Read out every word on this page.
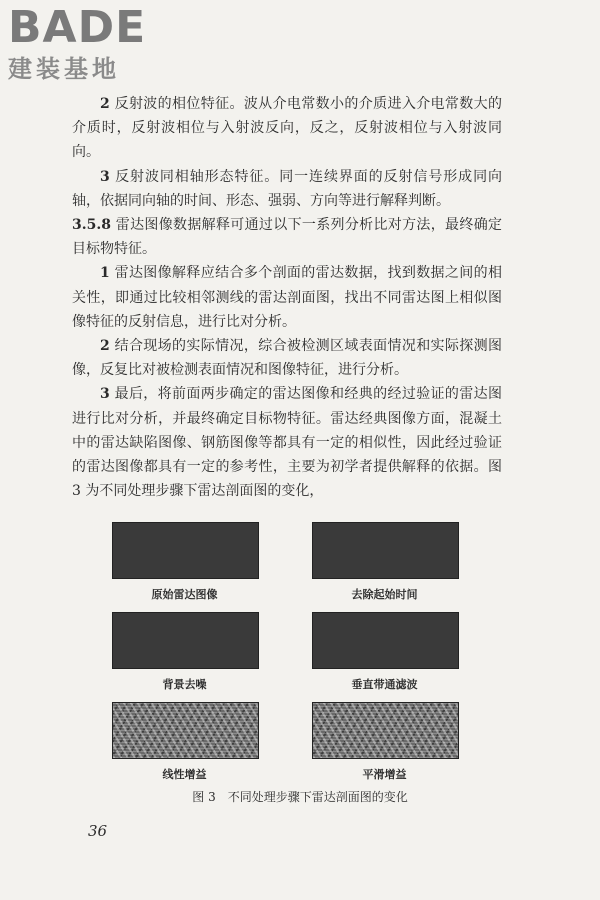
BADE
建装基地

2 反射波的相位特征。波从介电常数小的介质进入介电常数大的介质时，反射波相位与入射波反向，反之，反射波相位与入射波同向。

3 反射波同相轴形态特征。同一连续界面的反射信号形成同向轴，依据同向轴的时间、形态、强弱、方向等进行解释判断。

3.5.8 雷达图像数据解释可通过以下一系列分析比对方法，最终确定目标物特征。

1 雷达图像解释应结合多个剖面的雷达数据，找到数据之间的相关性，即通过比较相邻测线的雷达剖面图，找出不同雷达图上相似图像特征的反射信息，进行比对分析。

2 结合现场的实际情况，综合被检测区域表面情况和实际探测图像，反复比对被检测表面情况和图像特征，进行分析。

3 最后，将前面两步确定的雷达图像和经典的经过验证的雷达图进行比对分析，并最终确定目标物特征。雷达经典图像方面，混凝土中的雷达缺陷图像、钢筋图像等都具有一定的相似性，因此经过验证的雷达图像都具有一定的参考性，主要为初学者提供解释的依据。图 3 为不同处理步骤下雷达剖面图的变化，

原始雷达图像	去除起始时间
背景去噪	垂直带通滤波
线性增益	平滑增益
图 3　不同处理步骤下雷达剖面图的变化
36
